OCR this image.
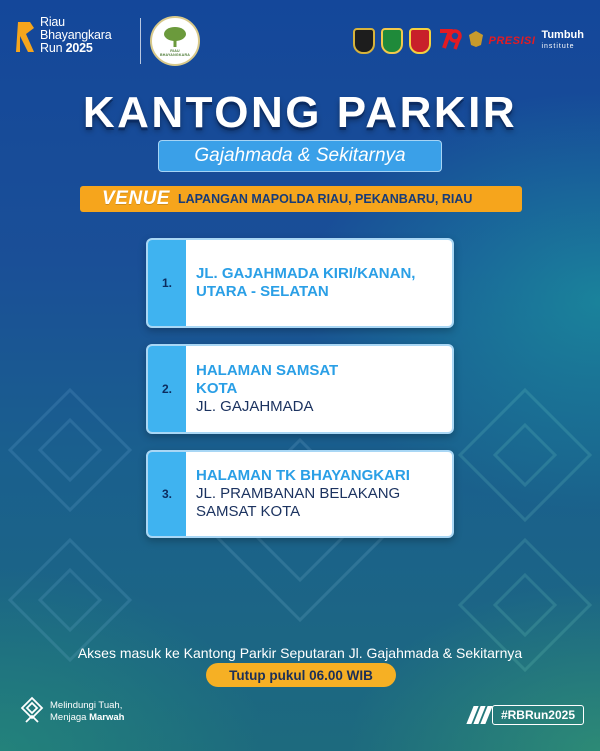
Riau
Bhayangkara
Run 2025	RIAU BHAYANGKARA
PRESISI Tumbuh
institute
KANTONG PARKIR
Gajahmada & Sekitarnya
VENUE LAPANGAN MAPOLDA RIAU, PEKANBARU, RIAU
1.
JL. GAJAHMADA KIRI/KANAN,
UTARA - SELATAN
2.
HALAMAN SAMSAT
KOTA
JL. GAJAHMADA
3.
HALAMAN TK BHAYANGKARI
JL. PRAMBANAN BELAKANG
SAMSAT KOTA
Akses masuk ke Kantong Parkir Seputaran Jl. Gajahmada & Sekitarnya
Tutup pukul 06.00 WIB
Melindungi Tuah,
Menjaga Marwah	#RBRun2025
